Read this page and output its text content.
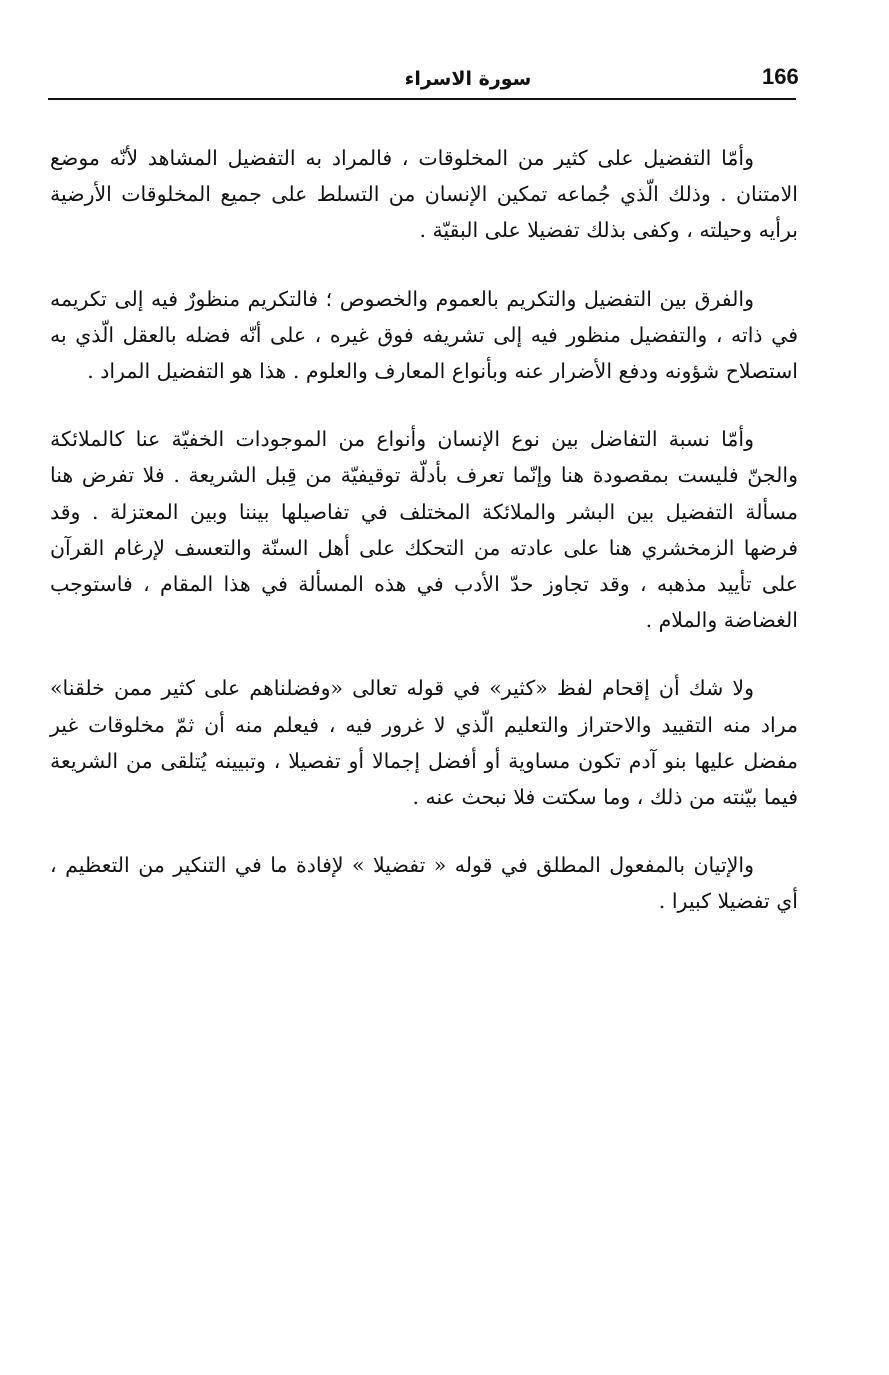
166
سورة الاسراء

وأمّا التفضيل على كثير من المخلوقات ، فالمراد به التفضيل المشاهد لأنّه موضع الامتنان . وذلك الّذي جُماعه تمكين الإنسان من التسلط على جميع المخلوقات الأرضية برأيه وحيلته ، وكفى بذلك تفضيلا على البقيّة .

والفرق بين التفضيل والتكريم بالعموم والخصوص ؛ فالتكريم منظورٌ فيه إلى تكريمه في ذاته ، والتفضيل منظور فيه إلى تشريفه فوق غيره ، على أنّه فضله بالعقل الّذي به استصلاح شؤونه ودفع الأضرار عنه وبأنواع المعارف والعلوم . هذا هو التفضيل المراد .

وأمّا نسبة التفاضل بين نوع الإنسان وأنواع من الموجودات الخفيّة عنا كالملائكة والجنّ فليست بمقصودة هنا وإنّما تعرف بأدلّة توقيفيّة من قِبل الشريعة . فلا تفرض هنا مسألة التفضيل بين البشر والملائكة المختلف في تفاصيلها بيننا وبين المعتزلة . وقد فرضها الزمخشري هنا على عادته من التحكك على أهل السنّة والتعسف لإرغام القرآن على تأييد مذهبه ، وقد تجاوز حدّ الأدب في هذه المسألة في هذا المقام ، فاستوجب الغضاضة والملام .

ولا شك أن إقحام لفظ «كثير» في قوله تعالى «وفضلناهم على كثير ممن خلقنا» مراد منه التقييد والاحتراز والتعليم الّذي لا غرور فيه ، فيعلم منه أن ثمّ مخلوقات غير مفضل عليها بنو آدم تكون مساوية أو أفضل إجمالا أو تفصيلا ، وتبيينه يُتلقى من الشريعة فيما بيّنته من ذلك ، وما سكتت فلا نبحث عنه .

والإتيان بالمفعول المطلق في قوله « تفضيلا » لإفادة ما في التنكير من التعظيم ، أي تفضيلا كبيرا .
